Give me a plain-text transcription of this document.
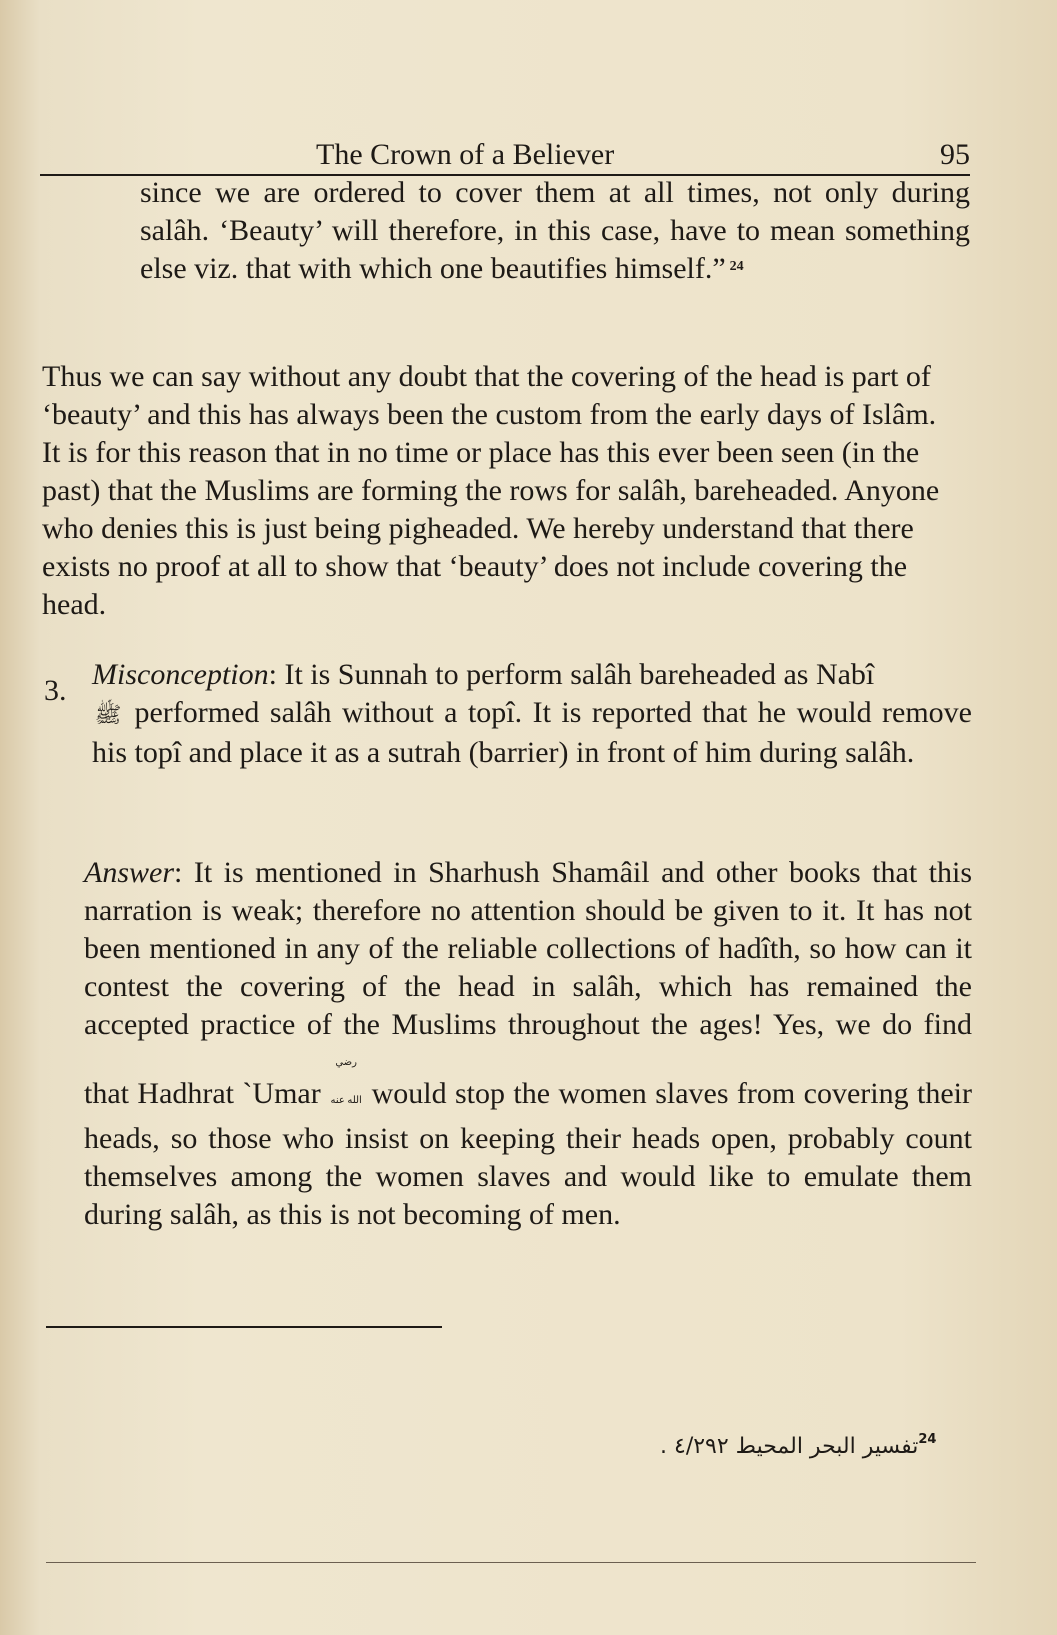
The Crown of a Believer	95

since we are ordered to cover them at all times, not only during salâh. ‘Beauty’ will therefore, in this case, have to mean something else viz. that with which one beautifies himself.” $^{24}$

Thus we can say without any doubt that the covering of the head is part of ‘beauty’ and this has always been the custom from the early days of Islâm. It is for this reason that in no time or place has this ever been seen (in the past) that the Muslims are forming the rows for salâh, bareheaded. Anyone who denies this is just being pigheaded. We hereby understand that there exists no proof at all to show that ‘beauty’ does not include covering the head.

3. Misconception: It is Sunnah to perform salâh bareheaded as Nabî
ﷺ performed salâh without a topî. It is reported that he would remove his topî and place it as a sutrah (barrier) in front of him during salâh.

Answer: It is mentioned in Sharhush Shamâil and other books that this narration is weak; therefore no attention should be given to it. It has not been mentioned in any of the reliable collections of hadîth, so how can it contest the covering of the head in salâh, which has remained the accepted practice of the Muslims throughout the ages! Yes, we do find that Hadhrat `Umar رضي الله عنه would stop the women slaves from covering their heads, so those who insist on keeping their heads open, probably count themselves among the women slaves and would like to emulate them during salâh, as this is not becoming of men.

$^{24}$تفسير البحر المحيط ٤/٢٩٢ .
